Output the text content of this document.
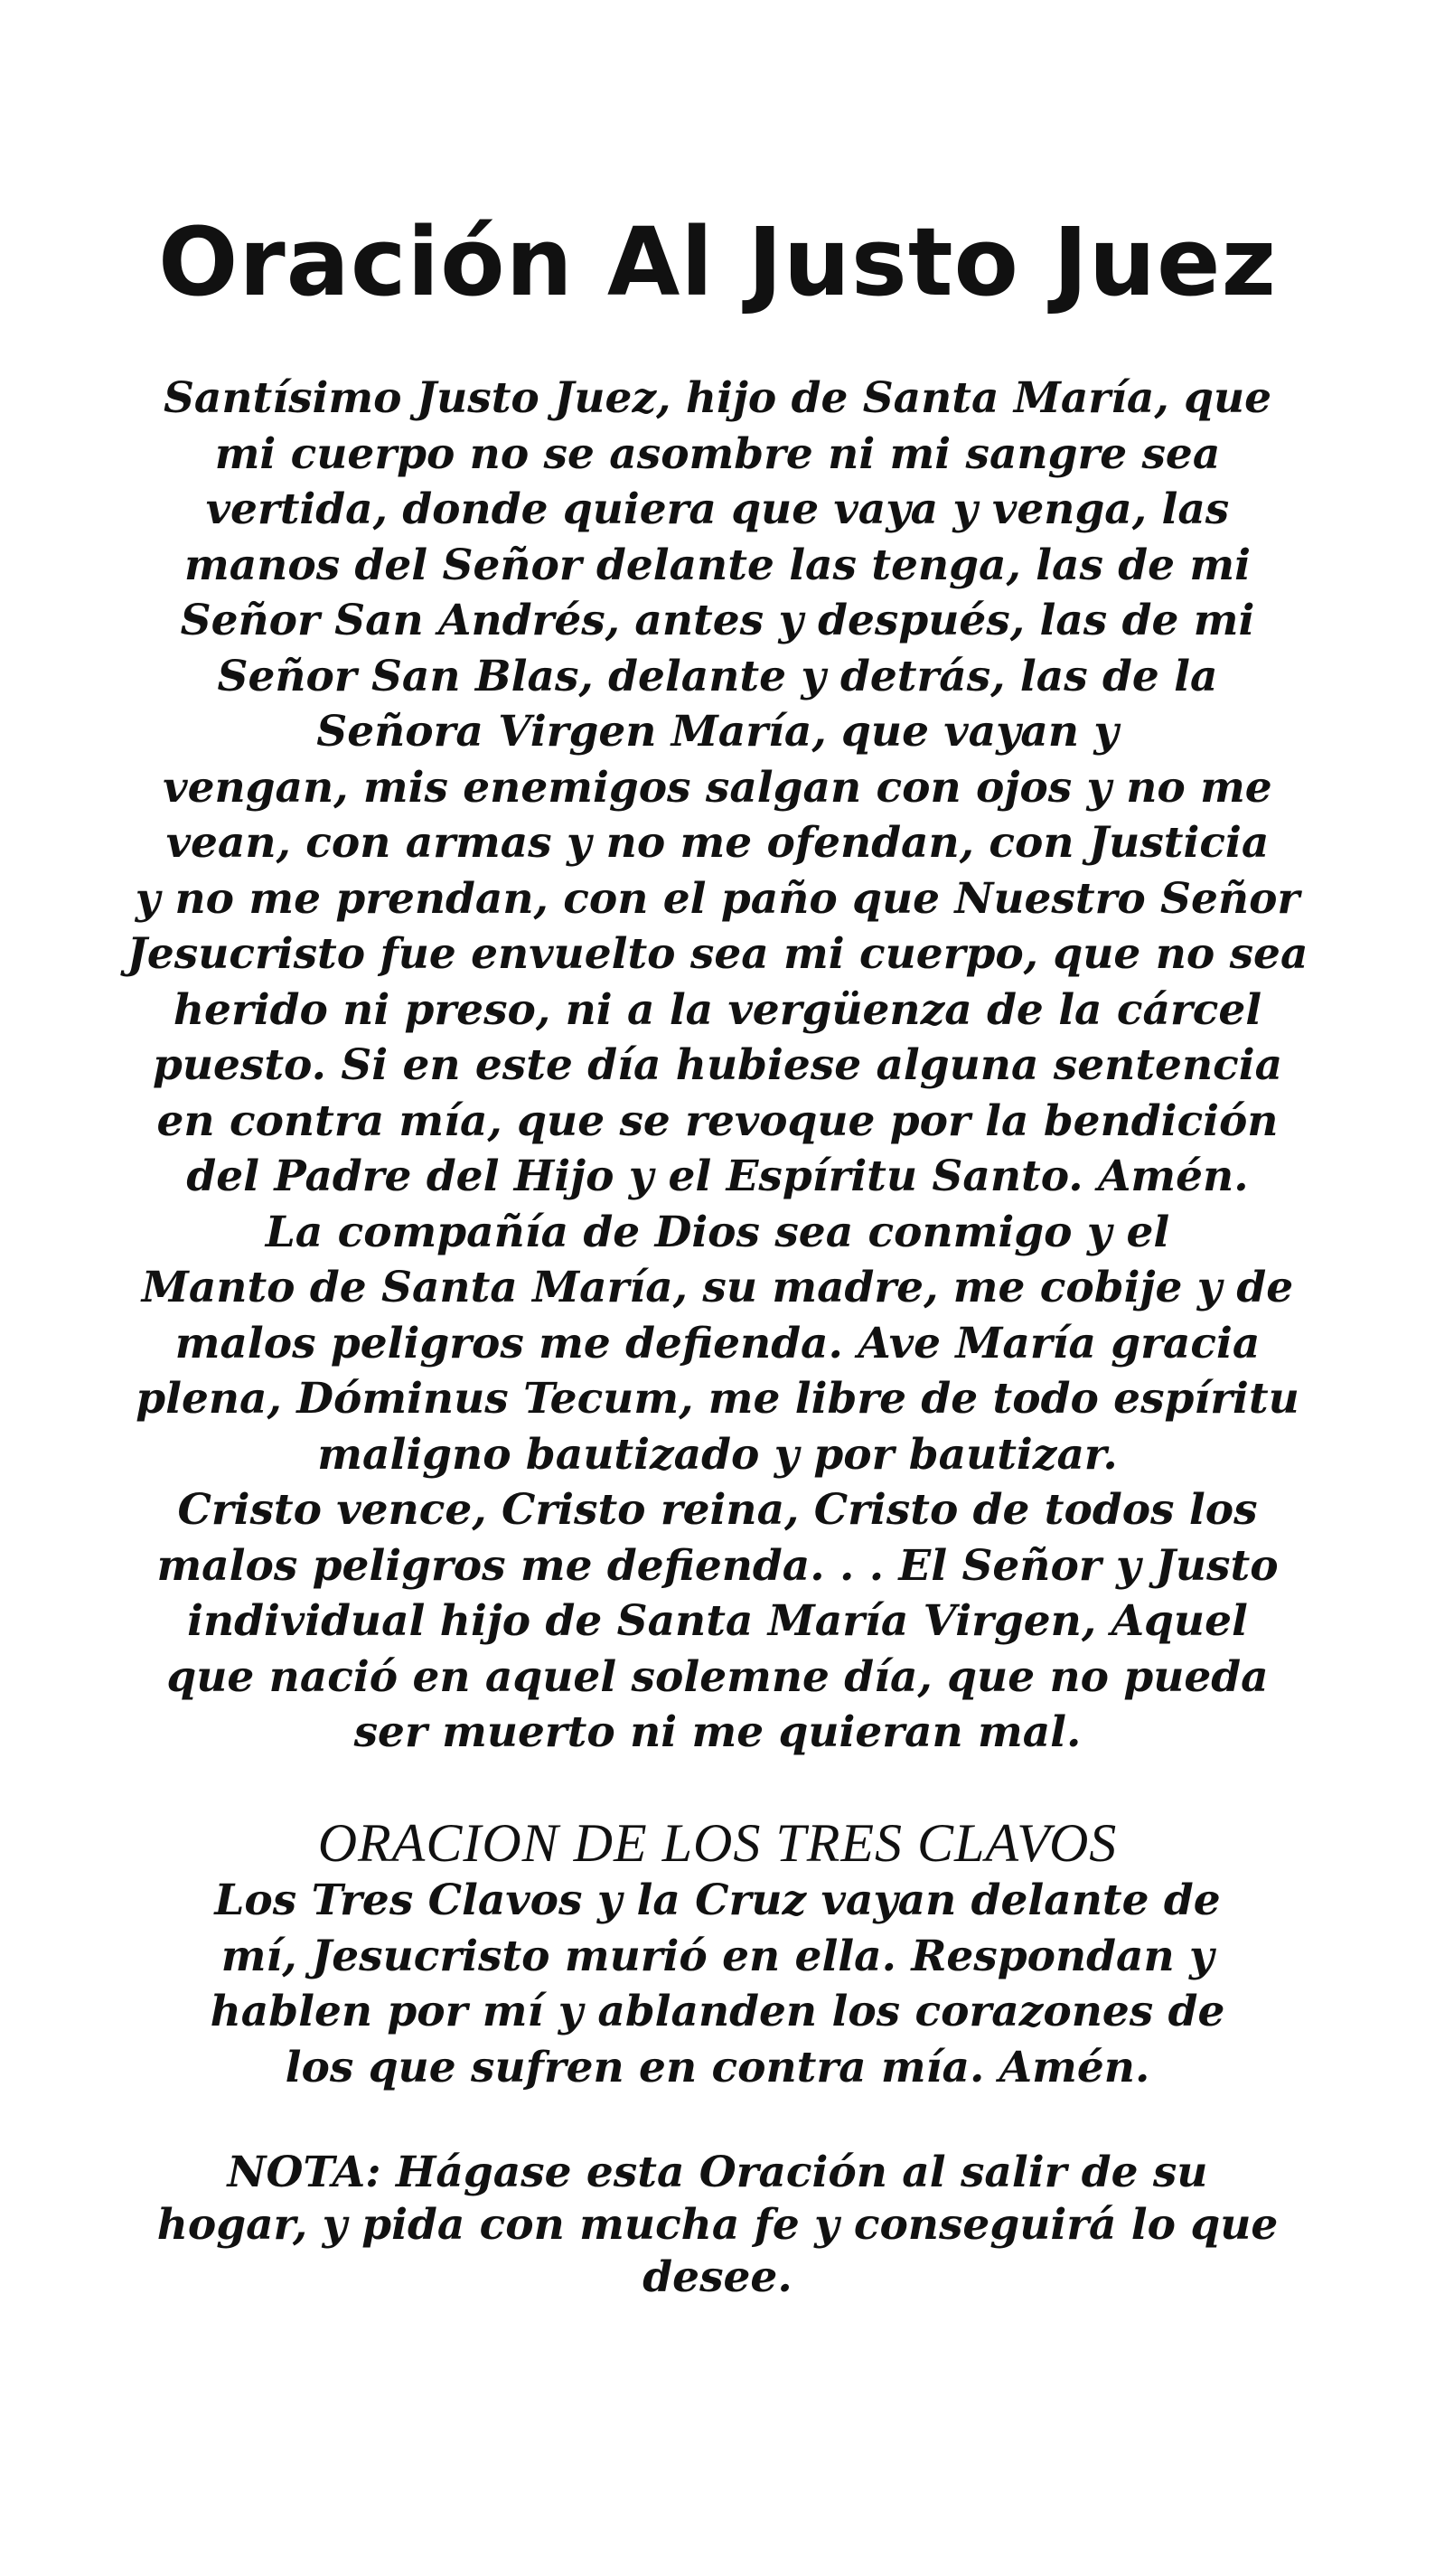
Oración Al Justo Juez
Santísimo Justo Juez, hijo de Santa María, que
mi cuerpo no se asombre ni mi sangre sea
vertida, donde quiera que vaya y venga, las
manos del Señor delante las tenga, las de mi
Señor San Andrés, antes y después, las de mi
Señor San Blas, delante y detrás, las de la
Señora Virgen María, que vayan y
vengan, mis enemigos salgan con ojos y no me
vean, con armas y no me ofendan, con Justicia
y no me prendan, con el paño que Nuestro Señor
Jesucristo fue envuelto sea mi cuerpo, que no sea
herido ni preso, ni a la vergüenza de la cárcel
puesto. Si en este día hubiese alguna sentencia
en contra mía, que se revoque por la bendición
del Padre del Hijo y el Espíritu Santo. Amén.
La compañía de Dios sea conmigo y el
Manto de Santa María, su madre, me cobije y de
malos peligros me defienda. Ave María gracia
plena, Dóminus Tecum, me libre de todo espíritu
maligno bautizado y por bautizar.
Cristo vence, Cristo reina, Cristo de todos los
malos peligros me defienda. . . El Señor y Justo
individual hijo de Santa María Virgen, Aquel
que nació en aquel solemne día, que no pueda
ser muerto ni me quieran mal.
ORACION DE LOS TRES CLAVOS
Los Tres Clavos y la Cruz vayan delante de
mí, Jesucristo murió en ella. Respondan y
hablen por mí y ablanden los corazones de
los que sufren en contra mía. Amén.
NOTA: Hágase esta Oración al salir de su
hogar, y pida con mucha fe y conseguirá lo que
desee.
